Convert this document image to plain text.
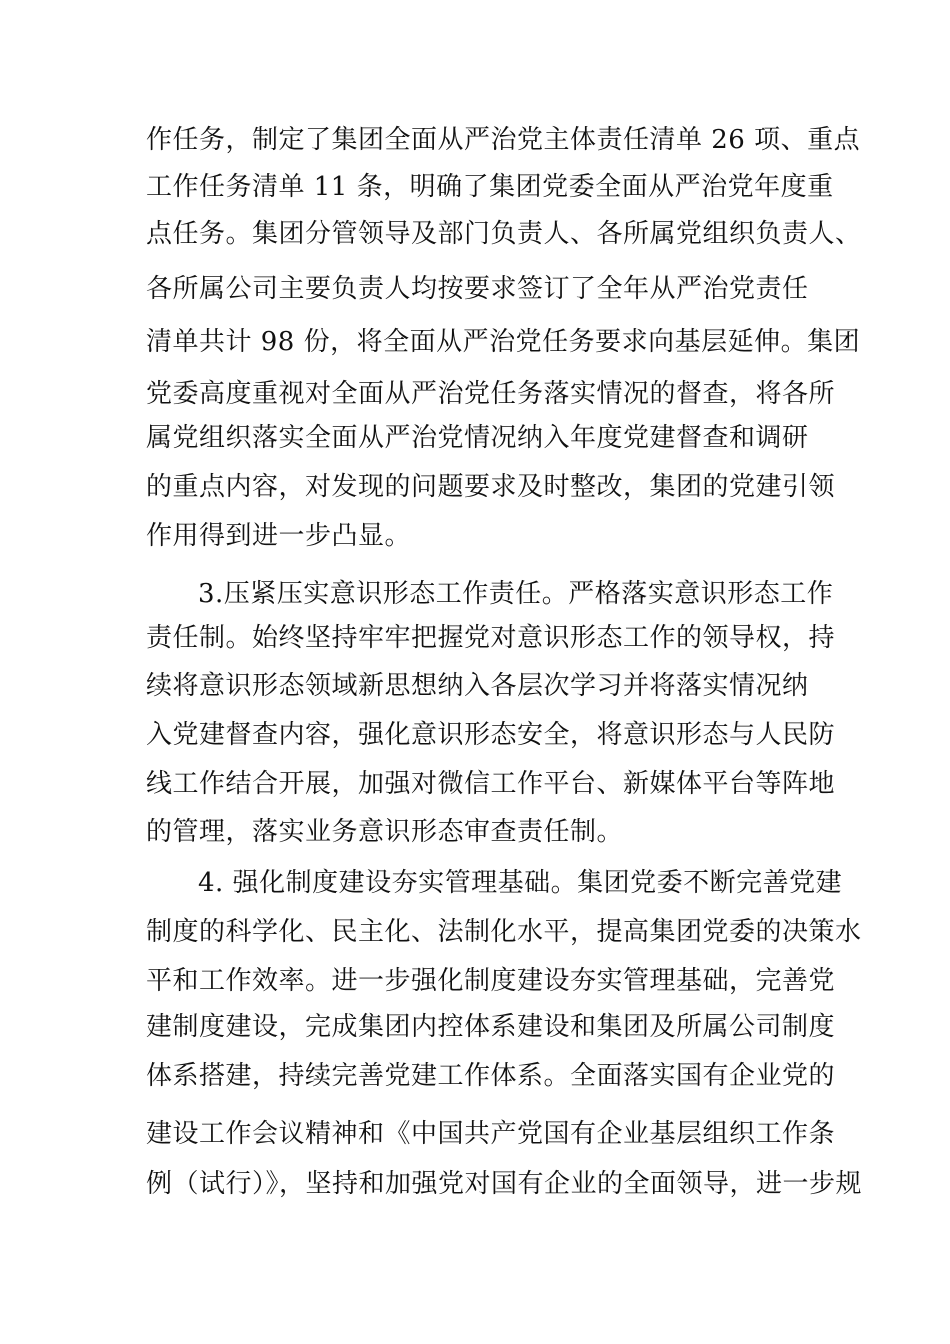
作任务，制定了集团全面从严治党主体责任清单 26 项、重点
工作任务清单 11 条，明确了集团党委全面从严治党年度重
点任务。集团分管领导及部门负责人、各所属党组织负责人、
各所属公司主要负责人均按要求签订了全年从严治党责任
清单共计 98 份，将全面从严治党任务要求向基层延伸。集团
党委高度重视对全面从严治党任务落实情况的督查，将各所
属党组织落实全面从严治党情况纳入年度党建督查和调研
的重点内容，对发现的问题要求及时整改，集团的党建引领
作用得到进一步凸显。
3.压紧压实意识形态工作责任。严格落实意识形态工作
责任制。始终坚持牢牢把握党对意识形态工作的领导权，持
续将意识形态领域新思想纳入各层次学习并将落实情况纳
入党建督查内容，强化意识形态安全，将意识形态与人民防
线工作结合开展，加强对微信工作平台、新媒体平台等阵地
的管理，落实业务意识形态审查责任制。
4. 强化制度建设夯实管理基础。集团党委不断完善党建
制度的科学化、民主化、法制化水平，提高集团党委的决策水
平和工作效率。进一步强化制度建设夯实管理基础，完善党
建制度建设，完成集团内控体系建设和集团及所属公司制度
体系搭建，持续完善党建工作体系。全面落实国有企业党的
建设工作会议精神和《中国共产党国有企业基层组织工作条
例（试行）》，坚持和加强党对国有企业的全面领导，进一步规
